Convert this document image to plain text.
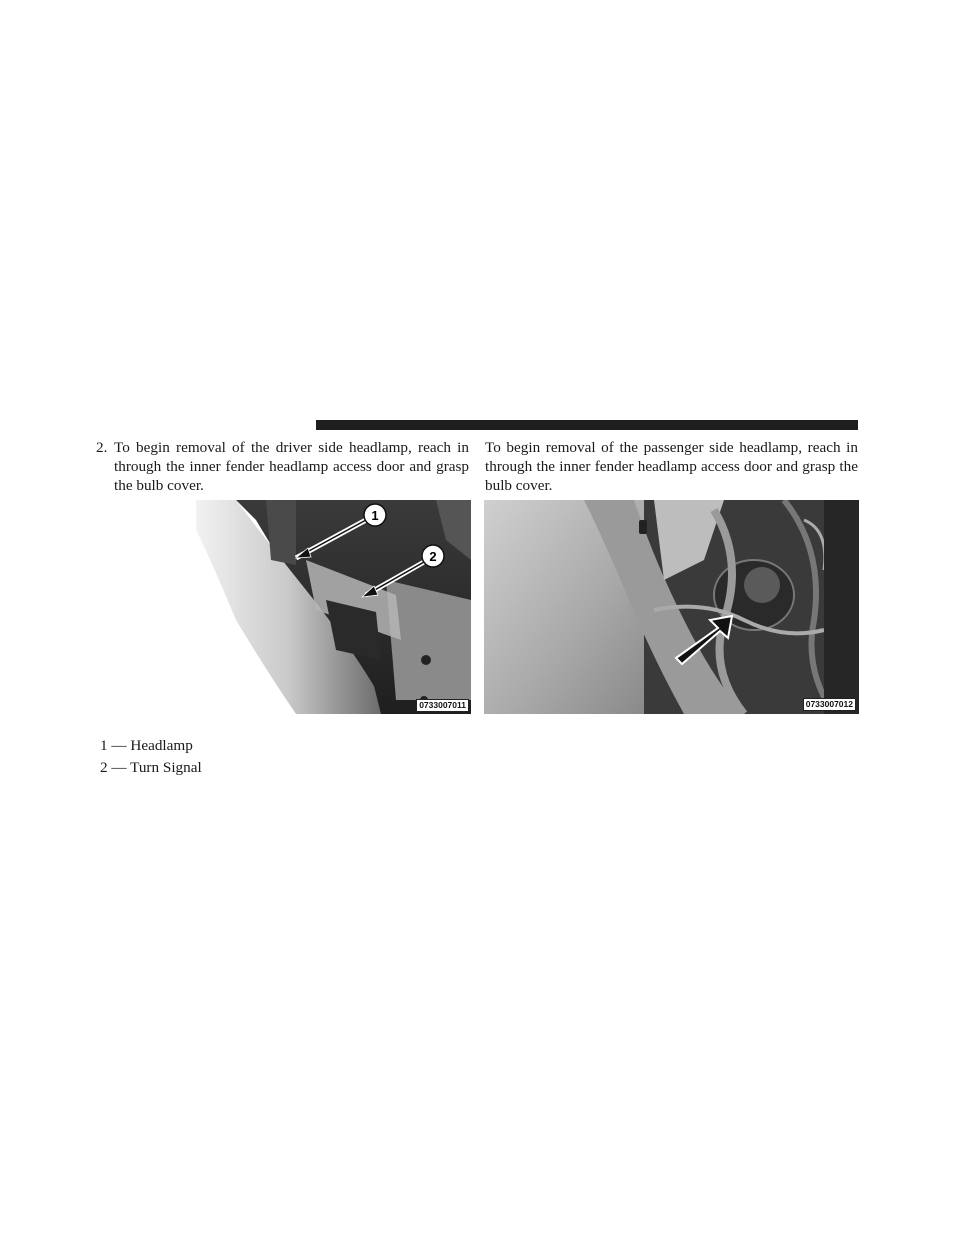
2. To begin removal of the driver side headlamp, reach in through the inner fender headlamp access door and grasp the bulb cover.
To begin removal of the passenger side headlamp, reach in through the inner fender headlamp access door and grasp the bulb cover.
1
2
0733007011	0733007012
1 — Headlamp
2 — Turn Signal
